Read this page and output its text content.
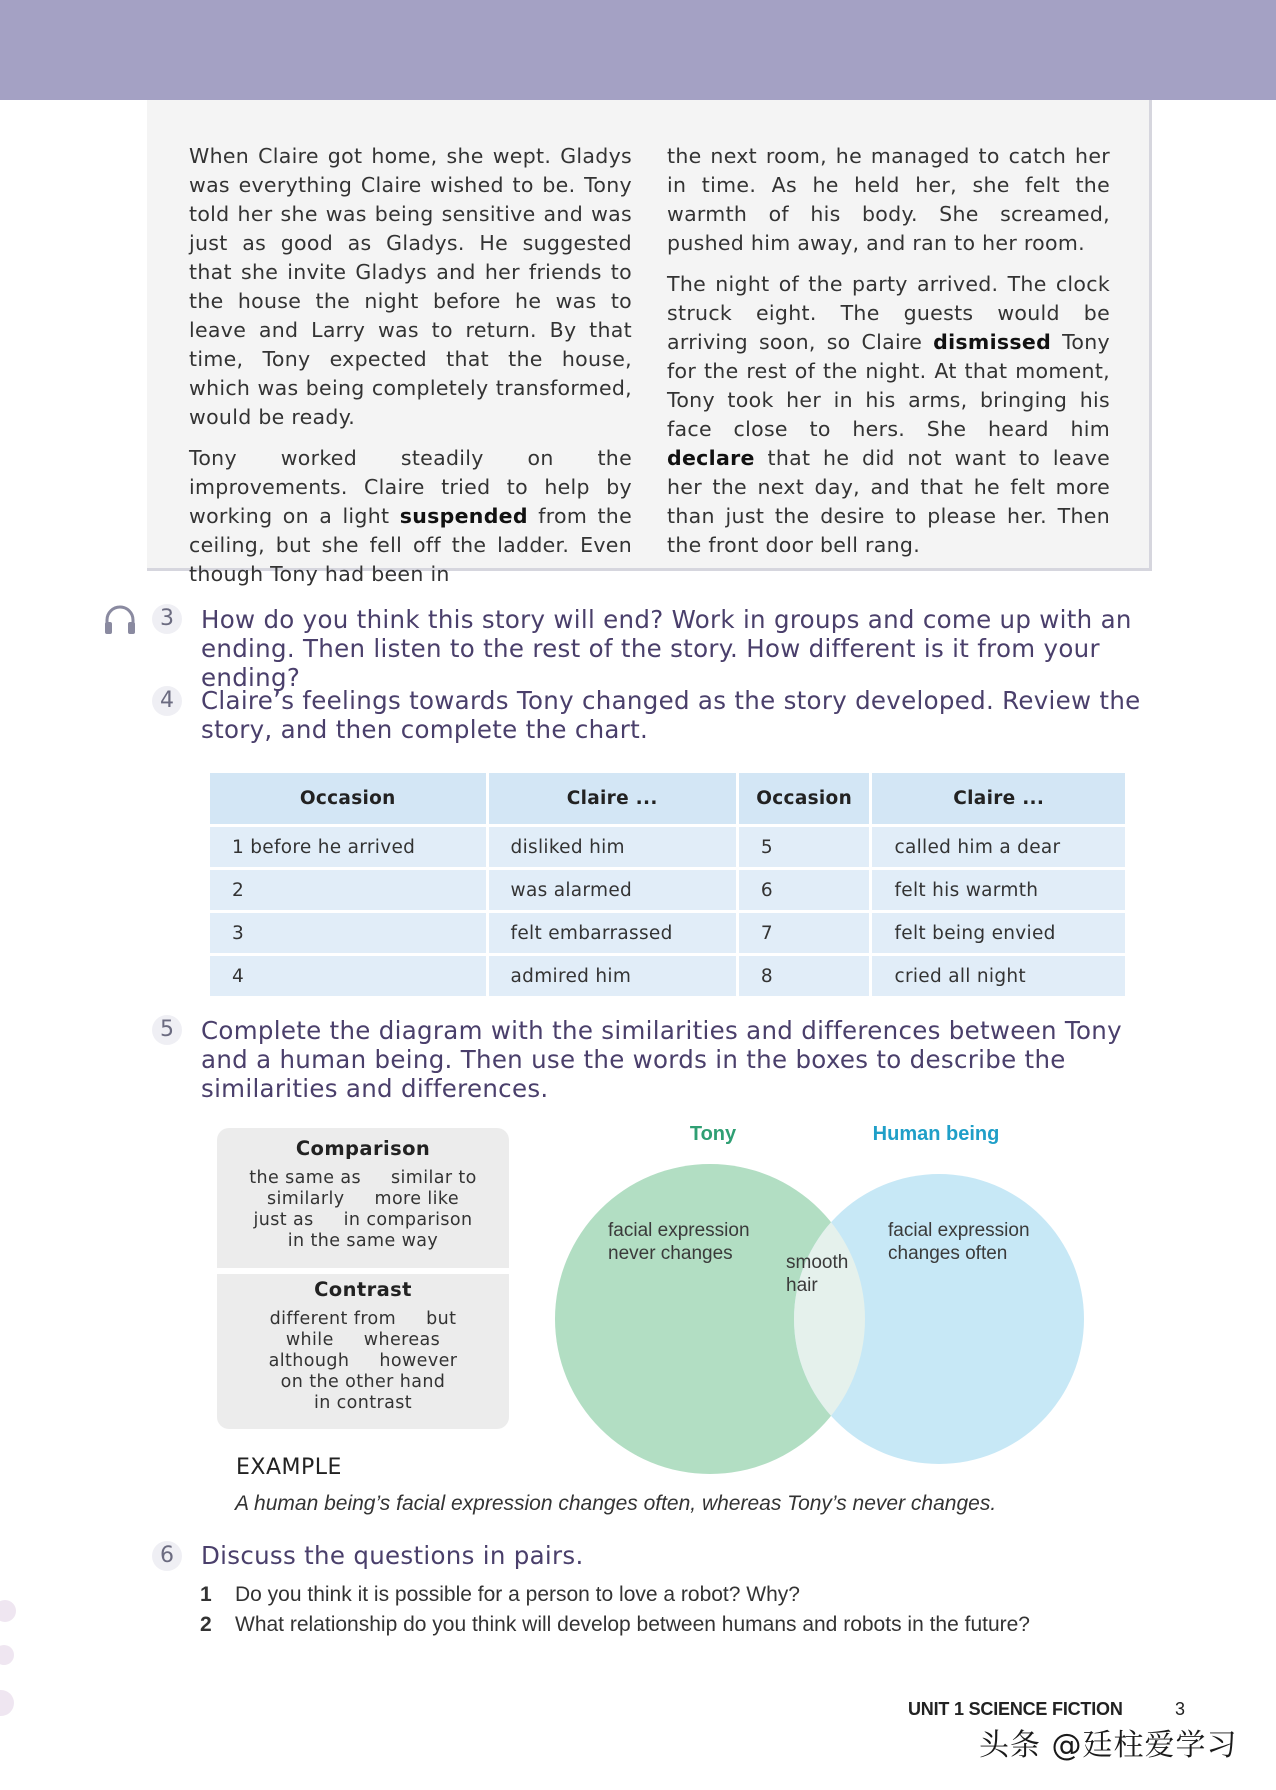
When Claire got home, she wept. Gladys was everything Claire wished to be. Tony told her she was being sensitive and was just as good as Gladys. He suggested that she invite Gladys and her friends to the house the night before he was to leave and Larry was to return. By that time, Tony expected that the house, which was being completely transformed, would be ready.

Tony worked steadily on the improvements. Claire tried to help by working on a light suspended from the ceiling, but she fell off the ladder. Even though Tony had been in

the next room, he managed to catch her in time. As he held her, she felt the warmth of his body. She screamed, pushed him away, and ran to her room.

The night of the party arrived. The clock struck eight. The guests would be arriving soon, so Claire dismissed Tony for the rest of the night. At that moment, Tony took her in his arms, bringing his face close to hers. She heard him declare that he did not want to leave her the next day, and that he felt more than just the desire to please her. Then the front door bell rang.

3	How do you think this story will end? Work in groups and come up with an ending. Then listen to the rest of the story. How different is it from your ending?
4	Claire’s feelings towards Tony changed as the story developed. Review the story, and then complete the chart.
Occasion	Claire ...	Occasion	Claire ...
1 before he arrived	disliked him	5	called him a dear
2	was alarmed	6	felt his warmth
3	felt embarrassed	7	felt being envied
4	admired him	8	cried all night
5	Complete the diagram with the similarities and differences between Tony and a human being. Then use the words in the boxes to describe the similarities and differences.
Comparison
the same as similar to
similarly more like
just as in comparison
in the same way
Contrast
different from but
while whereas
although however
on the other hand
in contrast
Tony	Human being
facial expression
never changes	smooth
hair
facial expression
changes often
EXAMPLE
A human being’s facial expression changes often, whereas Tony’s never changes.
6	Discuss the questions in pairs.
1 Do you think it is possible for a person to love a robot? Why?
2 What relationship do you think will develop between humans and robots in the future?
UNIT 1 SCIENCE FICTION	3
头条 @廷柱爱学习
